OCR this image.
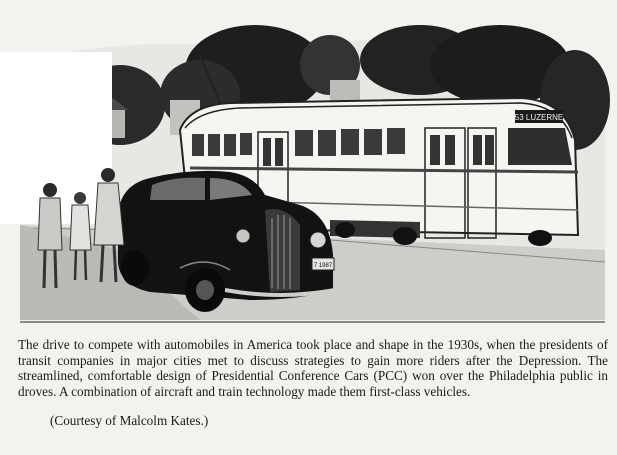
53 LUZERNE
7 1987

The drive to compete with automobiles in America took place and shape in the 1930s, when the presidents of transit companies in major cities met to discuss strategies to gain more riders after the Depression. The streamlined, comfortable design of Presidential Conference Cars (PCC) won over the Philadelphia public in droves. A combination of aircraft and train technology made them first-class vehicles.

(Courtesy of Malcolm Kates.)
